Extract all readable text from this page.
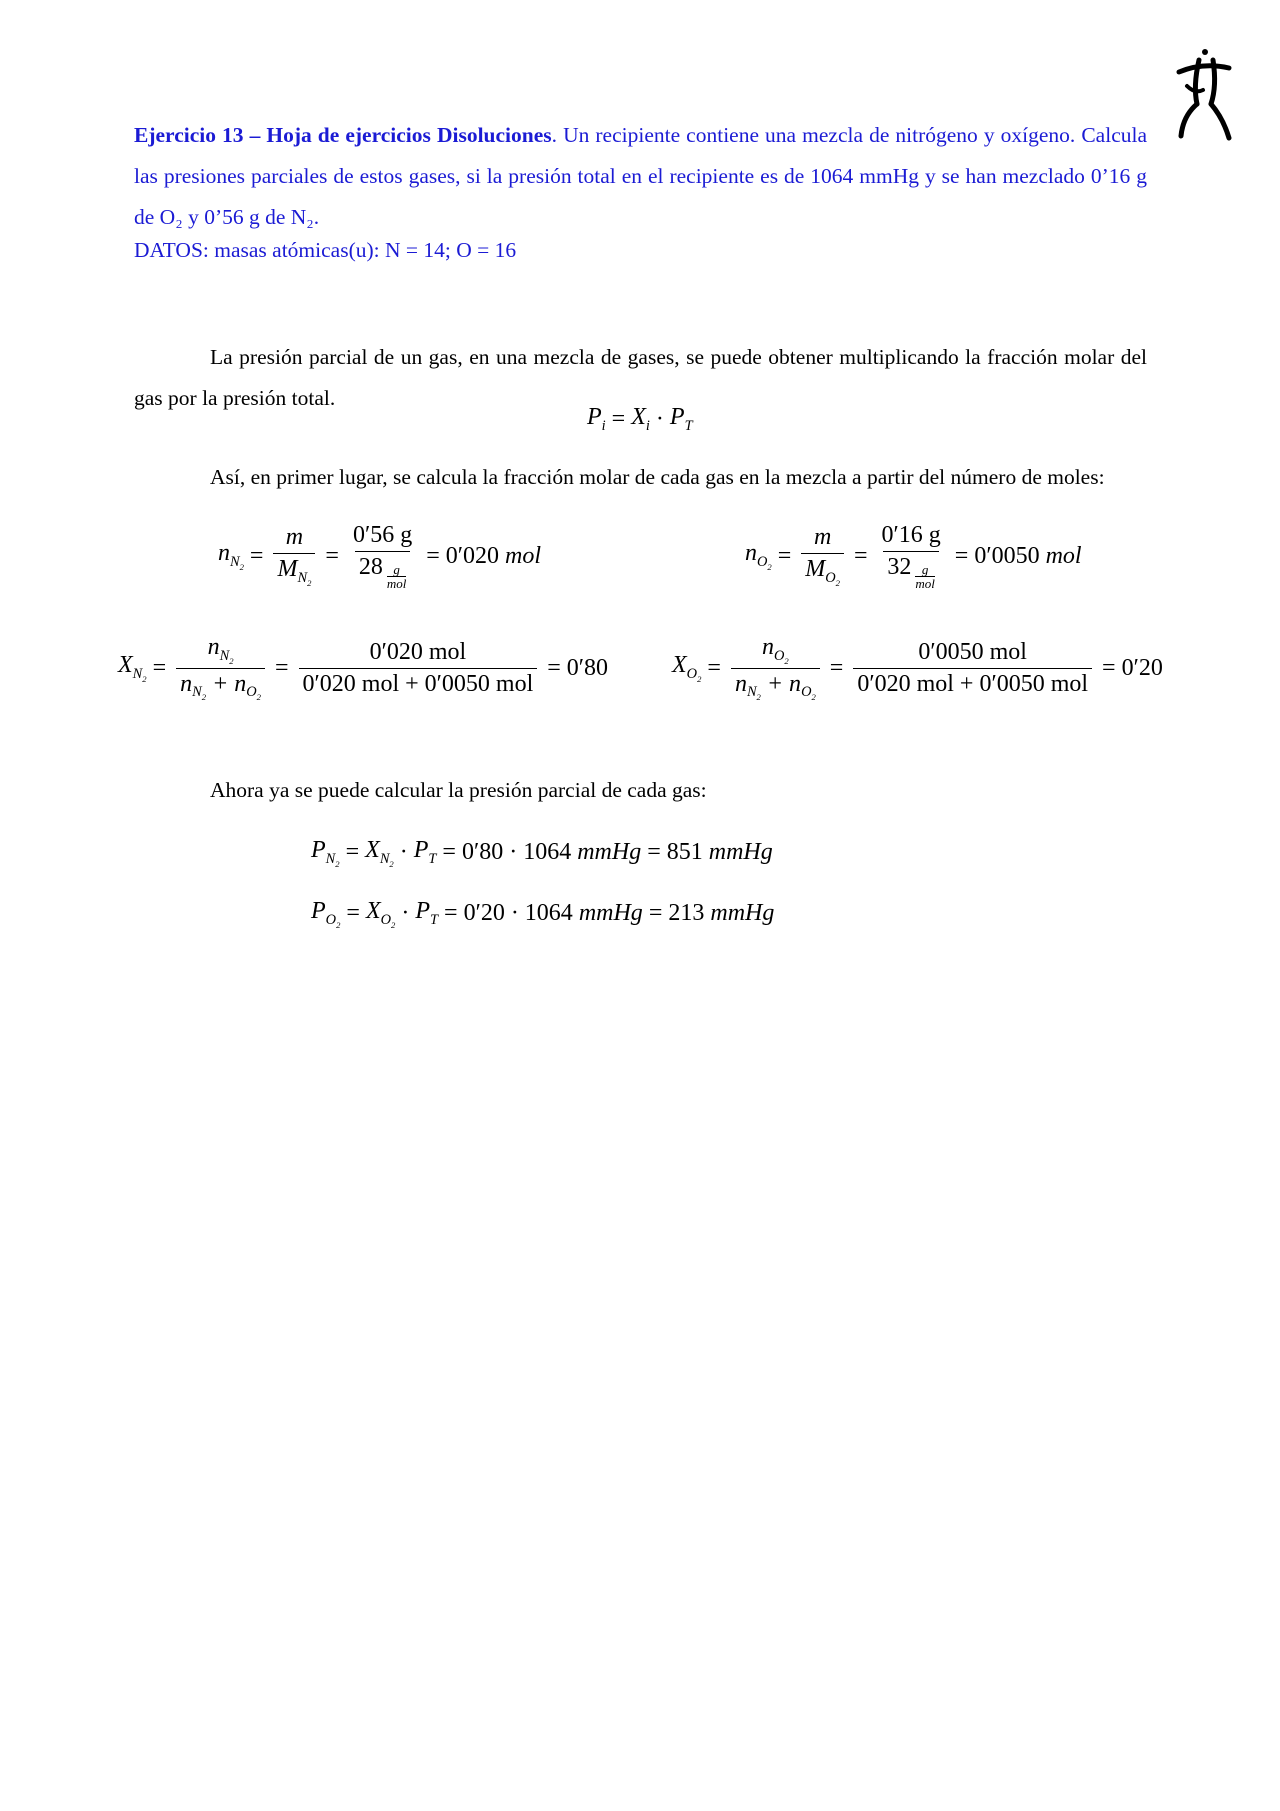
Ejercicio 13 – Hoja de ejercicios Disoluciones. Un recipiente contiene una mezcla de nitrógeno y oxígeno. Calcula las presiones parciales de estos gases, si la presión total en el recipiente es de 1064 mmHg y se han mezclado 0’16 g de O₂ y 0’56 g de N₂.
DATOS: masas atómicas(u): N = 14; O = 16
La presión parcial de un gas, en una mezcla de gases, se puede obtener multiplicando la fracción molar del gas por la presión total.
$P_i = X_i \cdot P_T$
Así, en primer lugar, se calcula la fracción molar de cada gas en la mezcla a partir del número de moles:
$n_{N_2} = \frac{m}{M_{N_2}} = 0'56$ g
28 g
mol = 0′020
mol	$n_{O_2} = \frac{m}{M_{O_2}} = 0'16$ g
32 g
mol = 0′0050
mol
$X_{N_2} = \frac{n_{N_2}}{n_{N_2} + n_{O_2}} = \frac{\text{0′020 mol}}{\text{0′020 mol + 0′0050 mol}} = 0'80$	$X_{O_2} = \frac{n_{O_2}}{n_{N_2} + n_{O_2}} = \frac{\text{0′0050 mol}}{\text{0′020 mol + 0′0050 mol}} = 0'20$
Ahora ya se puede calcular la presión parcial de cada gas:
$P_{N_2} = X_{N_2} \cdot P_T = 0'80 \cdot 1064$
mmHg = 851
mmHg
$P_{O_2} = X_{O_2} \cdot P_T = 0'20 \cdot 1064$
mmHg = 213
mmHg
